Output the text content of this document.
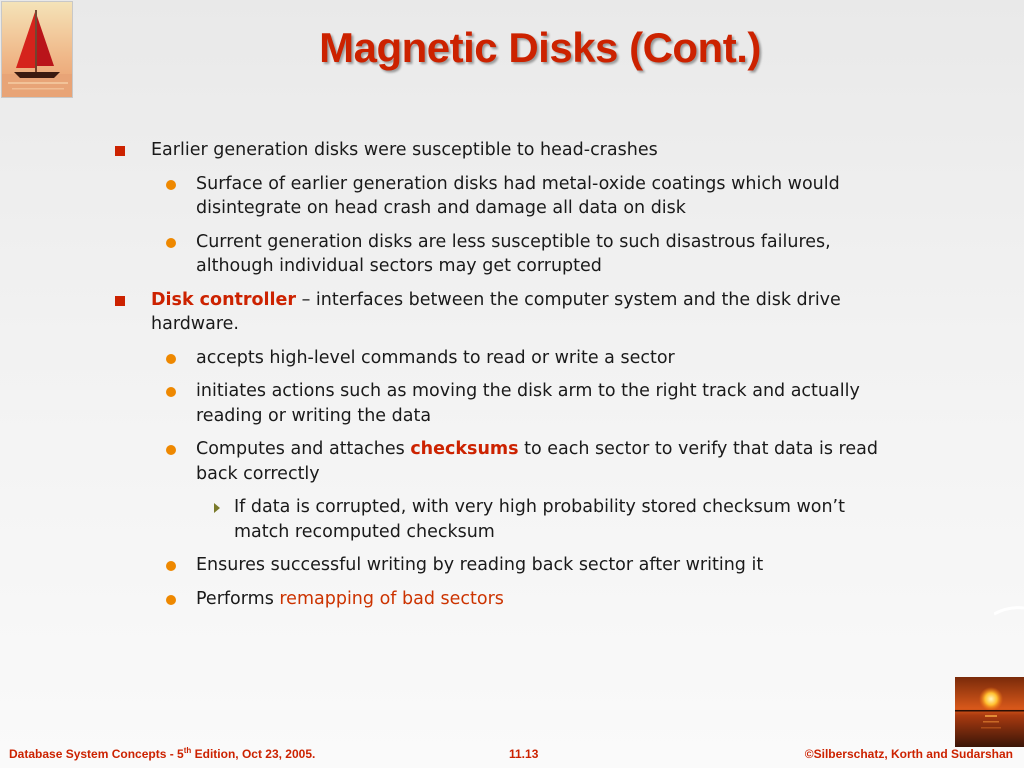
Magnetic Disks (Cont.)
Earlier generation disks were susceptible to head-crashes
Surface of earlier generation disks had metal-oxide coatings which would disintegrate on head crash and damage all data on disk
Current generation disks are less susceptible to such disastrous failures, although individual sectors may get corrupted
Disk controller – interfaces between the computer system and the disk drive hardware.
accepts high-level commands to read or write a sector
initiates actions such as moving the disk arm to the right track and actually reading or writing the data
Computes and attaches checksums to each sector to verify that data is read back correctly
If data is corrupted, with very high probability stored checksum won’t match recomputed checksum
Ensures successful writing by reading back sector after writing it
Performs remapping of bad sectors
Database System Concepts - 5th Edition, Oct 23, 2005.	11.13	©Silberschatz, Korth and Sudarshan
